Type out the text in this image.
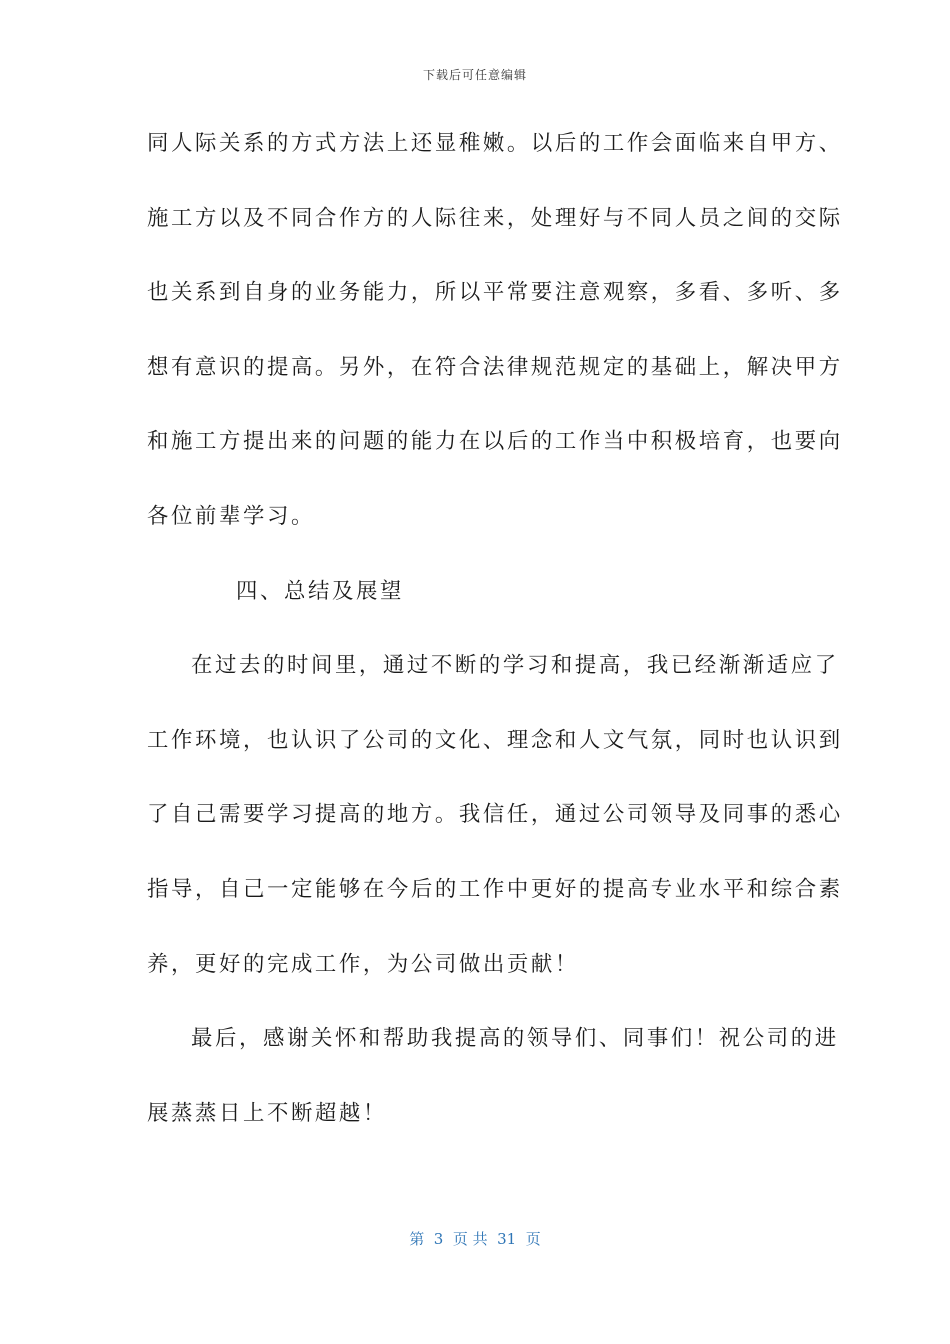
下载后可任意编辑
同人际关系的方式方法上还显稚嫩。以后的工作会面临来自甲方、
施工方以及不同合作方的人际往来，处理好与不同人员之间的交际
也关系到自身的业务能力，所以平常要注意观察，多看、多听、多
想有意识的提高。另外，在符合法律规范规定的基础上，解决甲方
和施工方提出来的问题的能力在以后的工作当中积极培育，也要向
各位前辈学习。
四、总结及展望
在过去的时间里，通过不断的学习和提高，我已经渐渐适应了
工作环境，也认识了公司的文化、理念和人文气氛，同时也认识到
了自己需要学习提高的地方。我信任，通过公司领导及同事的悉心
指导，自己一定能够在今后的工作中更好的提高专业水平和综合素
养，更好的完成工作，为公司做出贡献！
最后，感谢关怀和帮助我提高的领导们、同事们！祝公司的进
展蒸蒸日上不断超越！
第  3  页 共  31  页
